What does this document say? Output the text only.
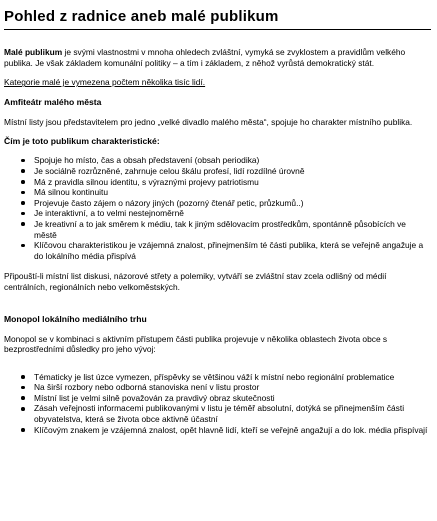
Pohled z radnice aneb malé publikum

Malé publikum je svými vlastnostmi v mnoha ohledech zvláštní, vymyká se zvyklostem a pravidlům velkého publika. Je však základem komunální politiky – a tím i základem, z něhož vyrůstá demokratický stát.

Kategorie malé je vymezena počtem několika tisíc lidí.

Amfiteátr malého města

Místní listy jsou představitelem pro jedno „velké divadlo malého města“, spojuje ho charakter místního publika.

Čím je toto publikum charakteristické:
Spojuje ho místo, čas a obsah představení (obsah periodika)
Je sociálně rozrůzněné, zahrnuje celou škálu profesí, lidí rozdílné úrovně
Má z pravidla silnou identitu, s výraznými projevy patriotismu
Má silnou kontinuitu
Projevuje často zájem o názory jiných (pozorný čtenář petic, průzkumů..)
Je interaktivní, a to velmi nestejnoměrně
Je kreativní a to jak směrem k médiu, tak k jiným sdělovacím prostředkům, spontánně působících ve městě
Klíčovou charakteristikou je vzájemná znalost, přinejmenším té části publika, která se veřejně angažuje a do lokálního média přispívá

Připouští-li místní list diskusi, názorové střety a polemiky, vytváří se zvláštní stav zcela odlišný od médií centrálních, regionálních nebo velkoměstských.

Monopol lokálního mediálního trhu

Monopol se v kombinaci s aktivním přístupem části publika projevuje v několika oblastech života obce s bezprostředními důsledky pro jeho vývoj:

Tématicky je list úzce vymezen, příspěvky se většinou váží k místní nebo regionální problematice
Na širší rozbory nebo odborná stanoviska není v listu prostor
Místní list je velmi silně považován za pravdivý obraz skutečnosti
Zásah veřejnosti informacemi publikovanými v listu je téměř absolutní, dotýká se přinejmenším části obyvatelstva, která se života obce aktivně účastní
Klíčovým znakem je vzájemná znalost, opět hlavně lidí, kteří se veřejně angažují a do lok. média přispívají
